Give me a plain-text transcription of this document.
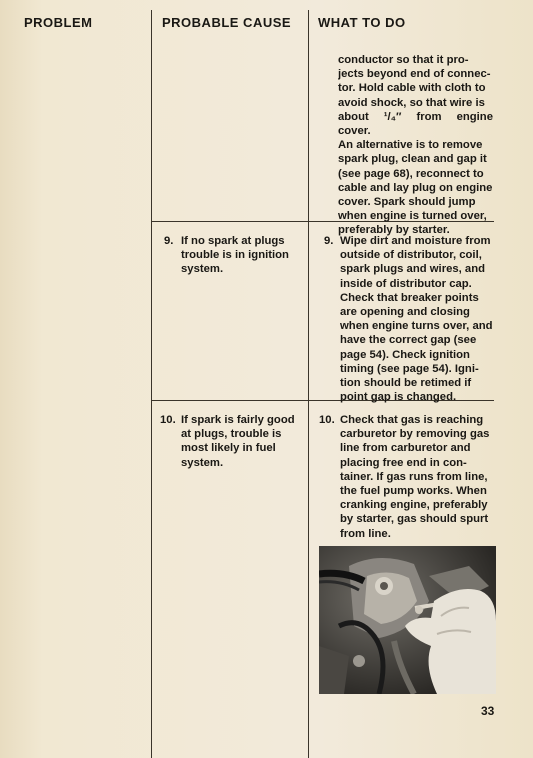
PROBLEM	PROBABLE CAUSE WHAT TO DO
conductor so that it pro-
jects beyond end of connec-
tor. Hold cable with cloth to
avoid shock, so that wire is
about ¹/₄″ from engine cover.
An alternative is to remove
spark plug, clean and gap it
(see page 68), reconnect to
cable and lay plug on engine
cover. Spark should jump
when engine is turned over,
preferably by starter.
9. If no spark at plugs
trouble is in ignition
system.
9. Wipe dirt and moisture from
outside of distributor, coil,
spark plugs and wires, and
inside of distributor cap.
Check that breaker points
are opening and closing
when engine turns over, and
have the correct gap (see
page 54). Check ignition
timing (see page 54). Igni-
tion should be retimed if
point gap is changed.
10. If spark is fairly good
at plugs, trouble is
most likely in fuel
system.
10. Check that gas is reaching
carburetor by removing gas
line from carburetor and
placing free end in con-
tainer. If gas runs from line,
the fuel pump works. When
cranking engine, preferably
by starter, gas should spurt
from line.
33
